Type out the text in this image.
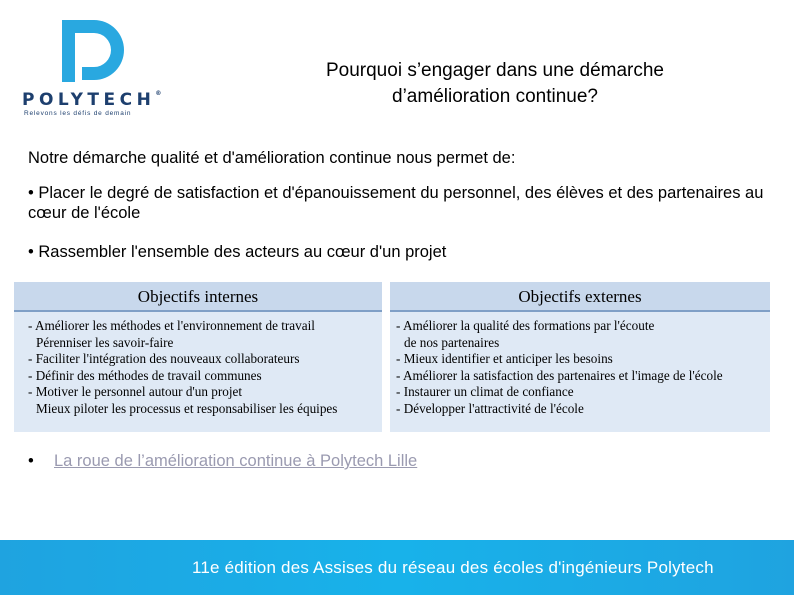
POLYTECH®
Relevons les défis de demain
Pourquoi s’engager dans une démarche
d’amélioration continue?
Notre démarche qualité et d'amélioration continue nous permet de:
• Placer le degré de satisfaction et d'épanouissement du personnel, des élèves et des partenaires au cœur de l'école
• Rassembler l'ensemble des acteurs au cœur d'un projet
Objectifs internes
- Améliorer les méthodes et l'environnement de travail
Pérenniser les savoir-faire
- Faciliter l'intégration des nouveaux collaborateurs
- Définir des méthodes de travail communes
- Motiver le personnel autour d'un projet
Mieux piloter les processus et responsabiliser les équipes
Objectifs externes
- Améliorer la qualité des formations par l'écoute
de nos partenaires
- Mieux identifier et anticiper les besoins
- Améliorer la satisfaction des partenaires et l'image de l'école
- Instaurer un climat de confiance
- Développer l'attractivité de l'école
• La roue de l’amélioration continue à Polytech Lille
11e édition des Assises du réseau des écoles d'ingénieurs Polytech
